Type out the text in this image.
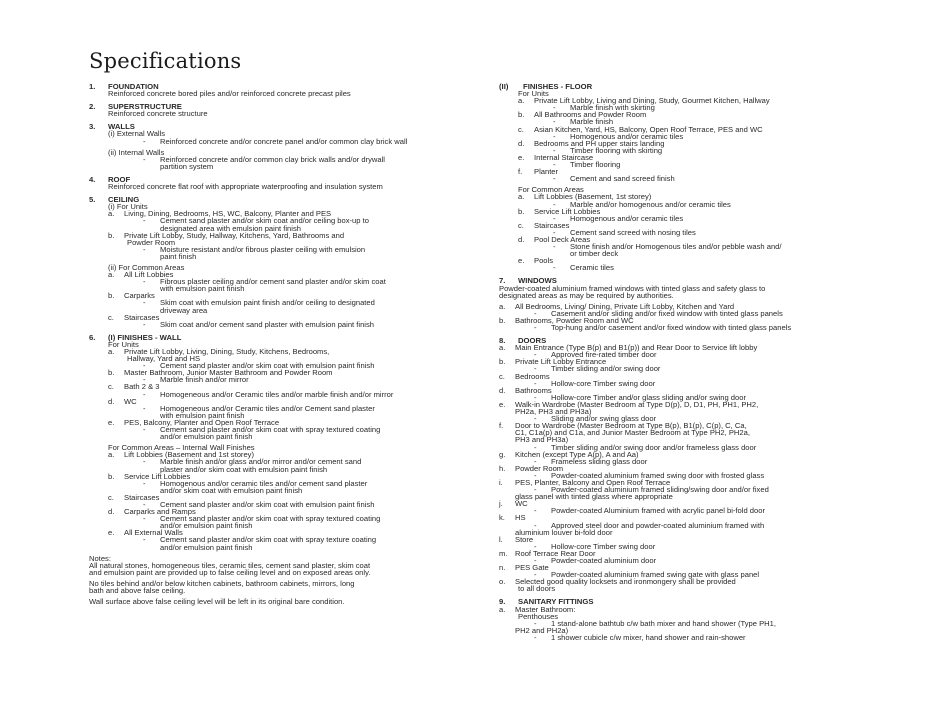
Specifications
1.	FOUNDATION
Reinforced concrete bored piles and/or reinforced concrete precast piles
2.	SUPERSTRUCTURE
Reinforced concrete structure
3.	WALLS
(i) External Walls
-	Reinforced concrete and/or concrete panel and/or common clay brick wall
(ii) Internal Walls
-	Reinforced concrete and/or common clay brick walls and/or drywall
partition system
4.	ROOF
Reinforced concrete flat roof with appropriate waterproofing and insulation system
5.	CEILING
(i) For Units
a.	Living, Dining, Bedrooms, HS, WC, Balcony, Planter and PES
-	Cement sand plaster and/or skim coat and/or ceiling box-up to
designated area with emulsion paint finish
b.	Private Lift Lobby, Study, Hallway, Kitchens, Yard, Bathrooms and
Powder Room
-	Moisture resistant and/or fibrous plaster ceiling with emulsion
paint finish
(ii) For Common Areas
a.	All Lift Lobbies
-	Fibrous plaster ceiling and/or cement sand plaster and/or skim coat
with emulsion paint finish
b.	Carparks
-	Skim coat with emulsion paint finish and/or ceiling to designated
driveway area
c.	Staircases
-	Skim coat and/or cement sand plaster with emulsion paint finish
6.	(I) FINISHES - WALL
For Units
a.	Private Lift Lobby, Living, Dining, Study, Kitchens, Bedrooms,
Hallway, Yard and HS
-	Cement sand plaster and/or skim coat with emulsion paint finish
b.	Master Bathroom, Junior Master Bathroom and Powder Room
-	Marble finish and/or mirror
c.	Bath 2 & 3
-	Homogeneous and/or Ceramic tiles and/or marble finish and/or mirror
d.	WC
-	Homogeneous and/or Ceramic tiles and/or Cement sand plaster
with emulsion paint finish
e.	PES, Balcony, Planter and Open Roof Terrace
-	Cement sand plaster and/or skim coat with spray textured coating
and/or emulsion paint finish
For Common Areas – Internal Wall Finishes
a.	Lift Lobbies (Basement and 1st storey)
-	Marble finish and/or glass and/or mirror and/or cement sand
plaster and/or skim coat with emulsion paint finish
b.	Service Lift Lobbies
-	Homogenous and/or ceramic tiles and/or cement sand plaster
and/or skim coat with emulsion paint finish
c.	Staircases
-	Cement sand plaster and/or skim coat with emulsion paint finish
d.	Carparks and Ramps
-	Cement sand plaster and/or skim coat with spray textured coating
and/or emulsion paint finish
e.	All External Walls
-	Cement sand plaster and/or skim coat with spray texture coating
and/or emulsion paint finish
Notes:
All natural stones, homogeneous tiles, ceramic tiles, cement sand plaster, skim coat
and emulsion paint are provided up to false ceiling level and on exposed areas only.
No tiles behind and/or below kitchen cabinets, bathroom cabinets, mirrors, long
bath and above false ceiling.
Wall surface above false ceiling level will be left in its original bare condition.
(II)	FINISHES - FLOOR
For Units
a.	Private Lift Lobby, Living and Dining, Study, Gourmet Kitchen, Hallway
-	Marble finish with skirting
b.	All Bathrooms and Powder Room
-	Marble finish
c.	Asian Kitchen, Yard, HS, Balcony, Open Roof Terrace, PES and WC
-	Homogenous and/or ceramic tiles
d.	Bedrooms and PH upper stairs landing
-	Timber flooring with skirting
e.	Internal Staircase
-	Timber flooring
f.	Planter
-	Cement and sand screed finish
For Common Areas
a.	Lift Lobbies (Basement, 1st storey)
-	Marble and/or homogenous and/or ceramic tiles
b.	Service Lift Lobbies
-	Homogenous and/or ceramic tiles
c.	Staircases
-	Cement sand screed with nosing tiles
d.	Pool Deck Areas
-	Stone finish and/or Homogenous tiles and/or pebble wash and/
or timber deck
e.	Pools
-	Ceramic tiles
7.	WINDOWS
Powder-coated aluminium framed windows with tinted glass and safety glass to
designated areas as may be required by authorities.
a.	All Bedrooms, Living/ Dining, Private Lift Lobby, Kitchen and Yard
-	Casement and/or sliding and/or fixed window with tinted glass panels
b.	Bathrooms, Powder Room and WC
-	Top-hung and/or casement and/or fixed window with tinted glass panels
8.	DOORS
a.	Main Entrance (Type B(p) and B1(p)) and Rear Door to Service lift lobby
-	Approved fire-rated timber door
b.	Private Lift Lobby Entrance
-	Timber sliding and/or swing door
c.	Bedrooms
-	Hollow-core Timber swing door
d.	Bathrooms
-	Hollow-core Timber and/or glass sliding and/or swing door
e.	Walk-in Wardrobe (Master Bedroom at Type D(p), D, D1, PH, PH1, PH2,
PH2a, PH3 and PH3a)
-	Sliding and/or swing glass door
f.	Door to Wardrobe (Master Bedroom at Type B(p), B1(p), C(p), C, Ca,
C1, C1a(p) and C1a, and Junior Master Bedroom at Type PH2, PH2a,
PH3 and PH3a)
-	Timber sliding and/or swing door and/or frameless glass door
g.	Kitchen (except Type A(p), A and Aa)
-	Frameless sliding glass door
h.	Powder Room
-	Powder-coated aluminium framed swing door with frosted glass
i.	PES, Planter, Balcony and Open Roof Terrace
-	Powder-coated aluminium framed sliding/swing door and/or fixed
glass panel with tinted glass where appropriate
j.	WC
-	Powder-coated Aluminium framed with acrylic panel bi-fold door
k.	HS
-	Approved steel door and powder-coated aluminium framed with
aluminium louver bi-fold door
l.	Store
-	Hollow-core Timber swing door
m. Roof Terrace Rear Door
-	Powder-coated aluminium door
n.	PES Gate
-	Powder-coated aluminium framed swing gate with glass panel
o.	Selected good quality locksets and ironmongery shall be provided
to all doors
9.	SANITARY FITTINGS
a.	Master Bathroom:
Penthouses
-	1 stand-alone bathtub c/w bath mixer and hand shower (Type PH1,
PH2 and PH2a)
-	1 shower cubicle c/w mixer, hand shower and rain-shower
